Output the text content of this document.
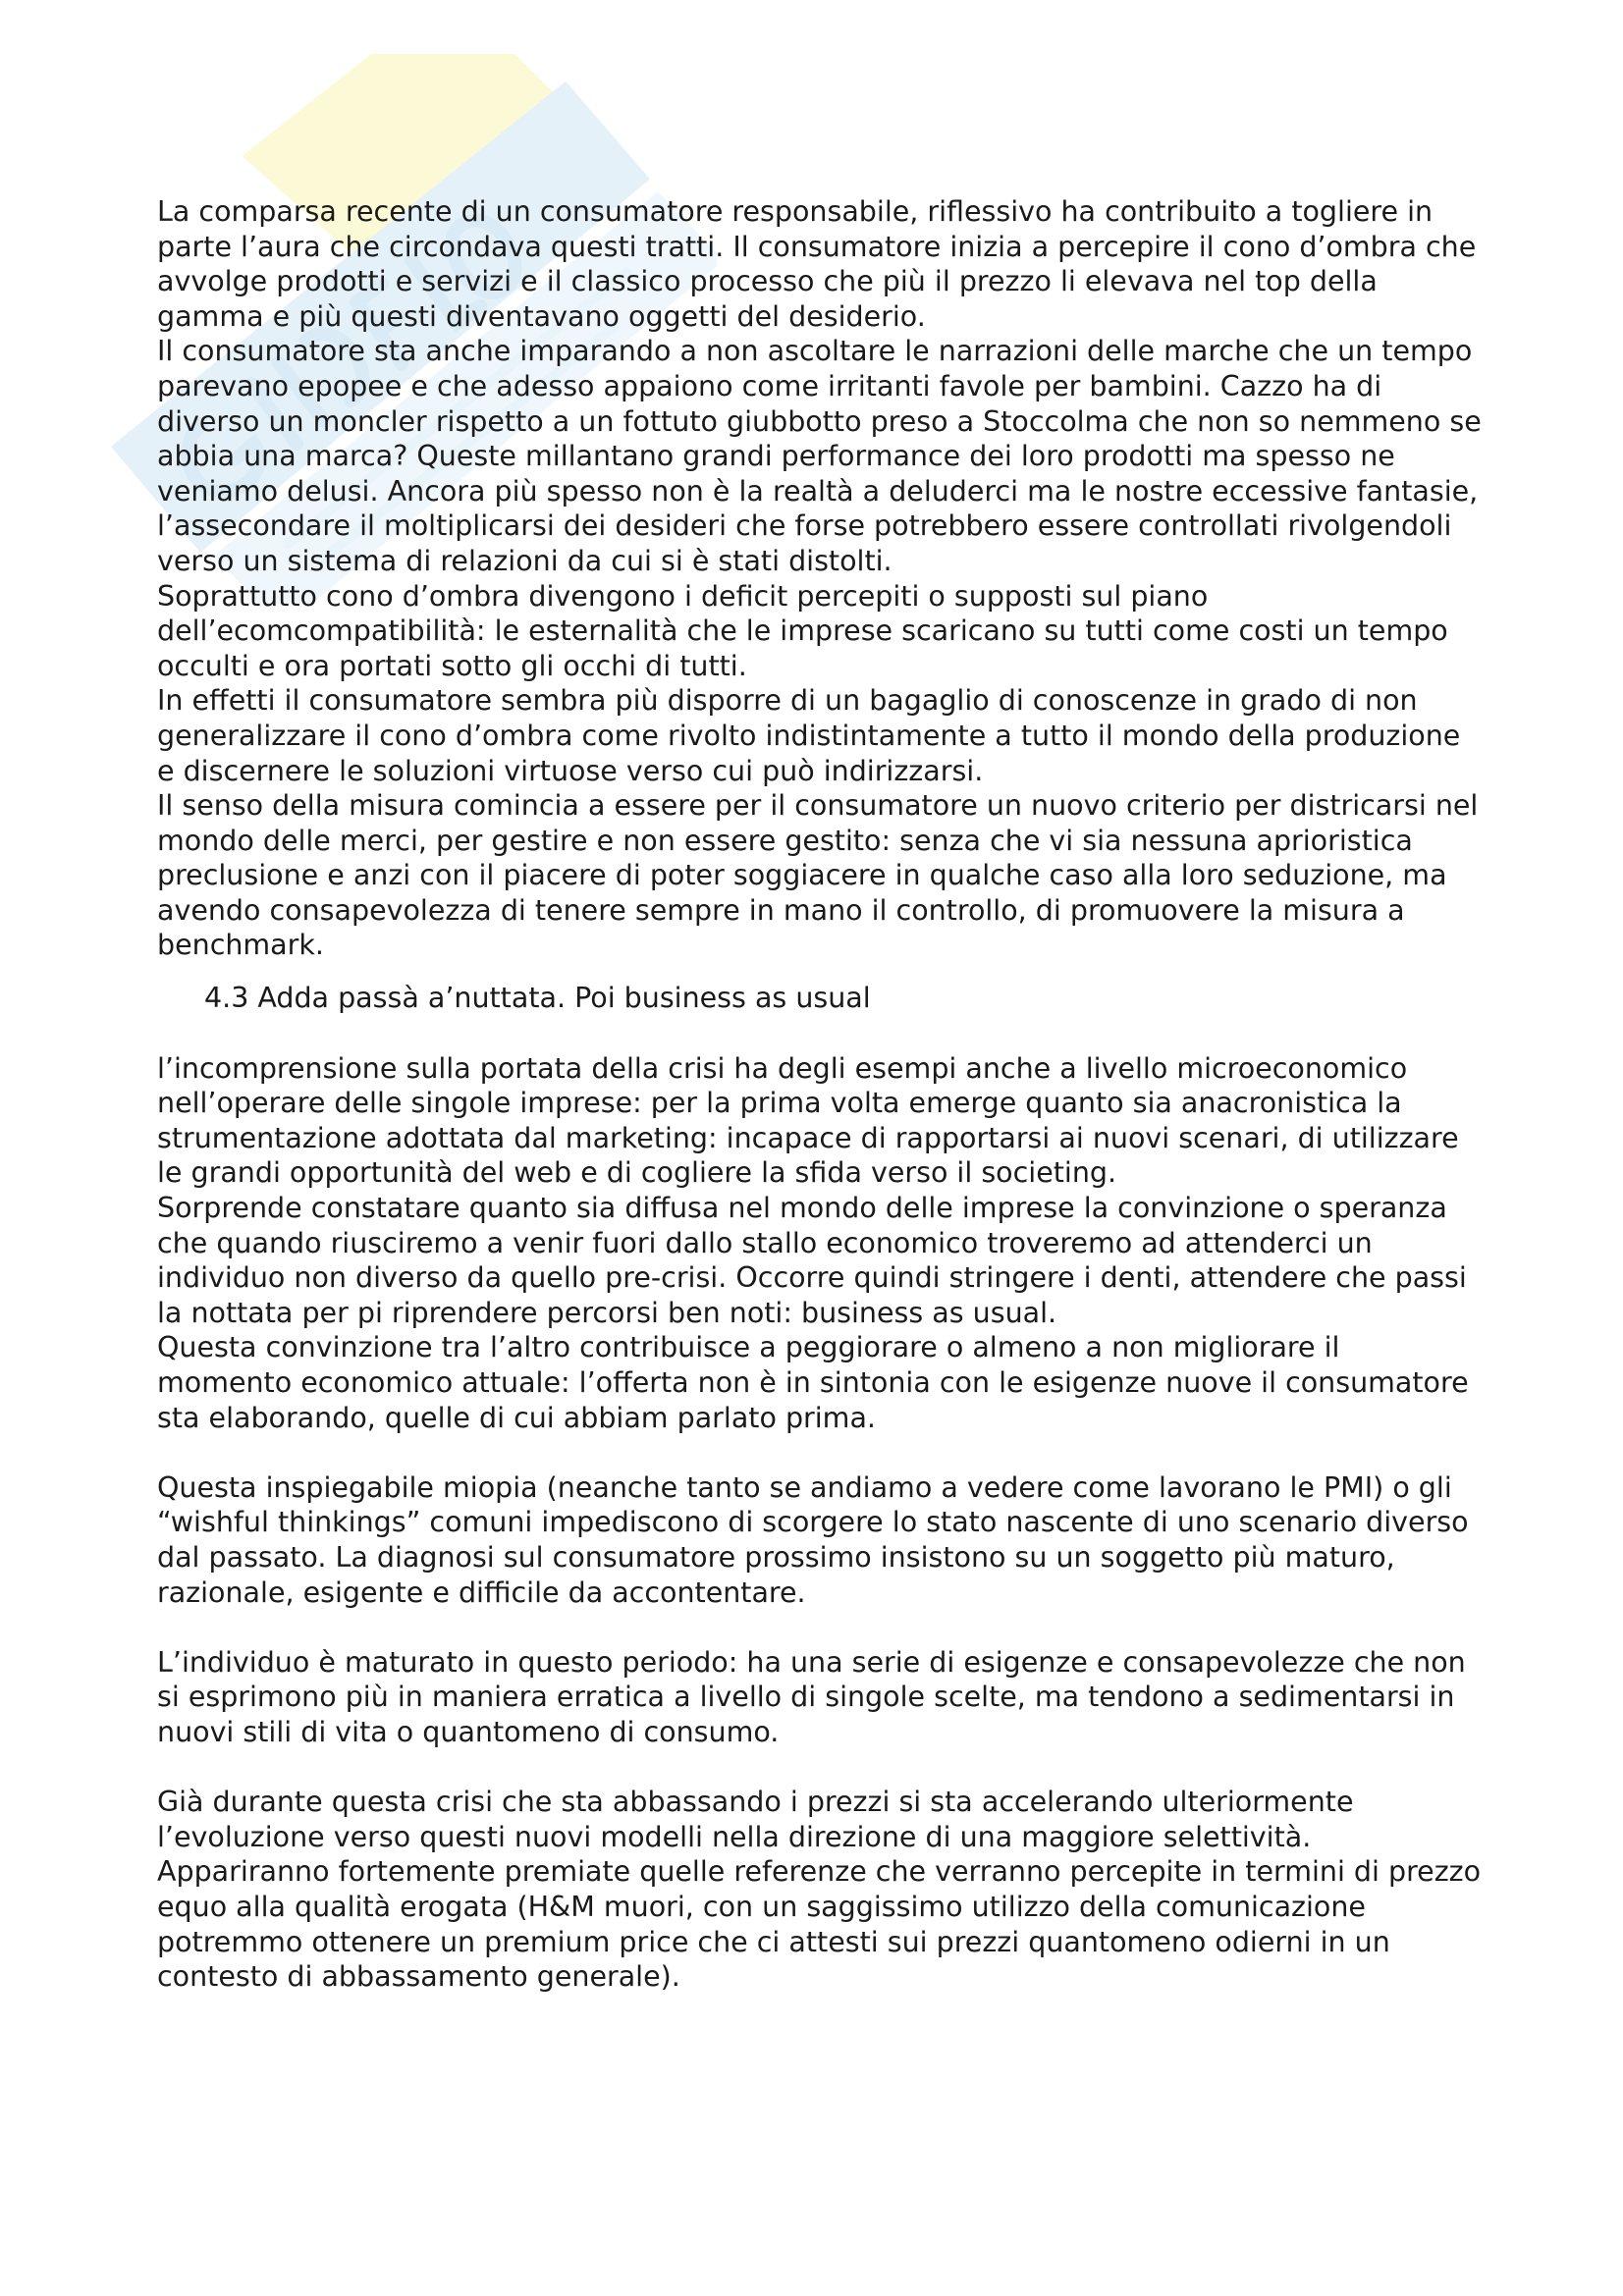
La comparsa recente di un consumatore responsabile, riflessivo ha contribuito a togliere in parte l’aura che circondava questi tratti. Il consumatore inizia a percepire il cono d’ombra che avvolge prodotti e servizi e il classico processo che più il prezzo li elevava nel top della gamma e più questi diventavano oggetti del desiderio.

Il consumatore sta anche imparando a non ascoltare le narrazioni delle marche che un tempo parevano epopee e che adesso appaiono come irritanti favole per bambini. Cazzo ha di diverso un moncler rispetto a un fottuto giubbotto preso a Stoccolma che non so nemmeno se abbia una marca? Queste millantano grandi performance dei loro prodotti ma spesso ne veniamo delusi. Ancora più spesso non è la realtà a deluderci ma le nostre eccessive fantasie, l’assecondare il moltiplicarsi dei desideri che forse potrebbero essere controllati rivolgendoli verso un sistema di relazioni da cui si è stati distolti.

Soprattutto cono d’ombra divengono i deficit percepiti o supposti sul piano dell’ecomcompatibilità: le esternalità che le imprese scaricano su tutti come costi un tempo occulti e ora portati sotto gli occhi di tutti.

In effetti il consumatore sembra più disporre di un bagaglio di conoscenze in grado di non generalizzare il cono d’ombra come rivolto indistintamente a tutto il mondo della produzione e discernere le soluzioni virtuose verso cui può indirizzarsi.

Il senso della misura comincia a essere per il consumatore un nuovo criterio per districarsi nel mondo delle merci, per gestire e non essere gestito: senza che vi sia nessuna aprioristica preclusione e anzi con il piacere di poter soggiacere in qualche caso alla loro seduzione, ma avendo consapevolezza di tenere sempre in mano il controllo, di promuovere la misura a benchmark.

4.3 Adda passà a’nuttata. Poi business as usual

l’incomprensione sulla portata della crisi ha degli esempi anche a livello microeconomico nell’operare delle singole imprese: per la prima volta emerge quanto sia anacronistica la strumentazione adottata dal marketing: incapace di rapportarsi ai nuovi scenari, di utilizzare le grandi opportunità del web e di cogliere la sfida verso il societing.

Sorprende constatare quanto sia diffusa nel mondo delle imprese la convinzione o speranza che quando riusciremo a venir fuori dallo stallo economico troveremo ad attenderci un individuo non diverso da quello pre-crisi. Occorre quindi stringere i denti, attendere che passi la nottata per pi riprendere percorsi ben noti: business as usual.

Questa convinzione tra l’altro contribuisce a peggiorare o almeno a non migliorare il momento economico attuale: l’offerta non è in sintonia con le esigenze nuove il consumatore sta elaborando, quelle di cui abbiam parlato prima.

Questa inspiegabile miopia (neanche tanto se andiamo a vedere come lavorano le PMI) o gli “wishful thinkings” comuni impediscono di scorgere lo stato nascente di uno scenario diverso dal passato. La diagnosi sul consumatore prossimo insistono su un soggetto più maturo, razionale, esigente e difficile da accontentare.

L’individuo è maturato in questo periodo: ha una serie di esigenze e consapevolezze che non si esprimono più in maniera erratica a livello di singole scelte, ma tendono a sedimentarsi in nuovi stili di vita o quantomeno di consumo.

Già durante questa crisi che sta abbassando i prezzi si sta accelerando ulteriormente l’evoluzione verso questi nuovi modelli nella direzione di una maggiore selettività. Appariranno fortemente premiate quelle referenze che verranno percepite in termini di prezzo equo alla qualità erogata (H&M muori, con un saggissimo utilizzo della comunicazione potremmo ottenere un premium price che ci attesti sui prezzi quantomeno odierni in un contesto di abbassamento generale).
